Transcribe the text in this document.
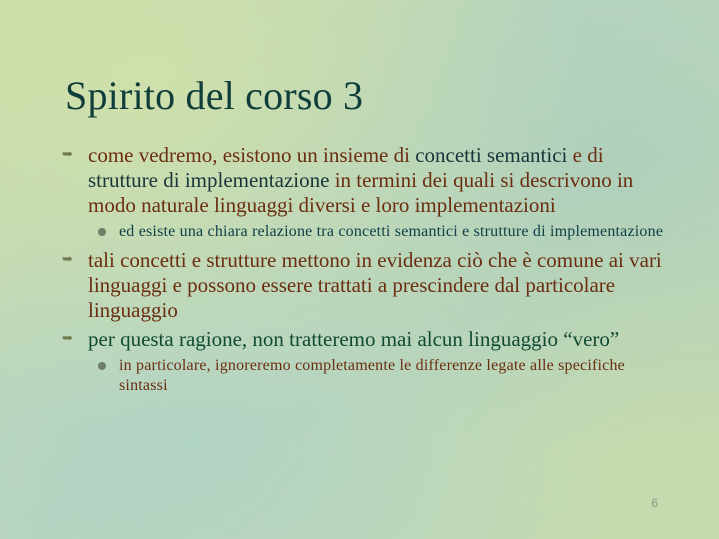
Spirito del corso 3
➥ come vedremo, esistono un insieme di concetti semantici e di strutture di implementazione in termini dei quali si descrivono in modo naturale linguaggi diversi e loro implementazioni
ed esiste una chiara relazione tra concetti semantici e strutture di implementazione
➥ tali concetti e strutture mettono in evidenza ciò che è comune ai vari linguaggi e possono essere trattati a prescindere dal particolare linguaggio
➥ per questa ragione, non tratteremo mai alcun linguaggio “vero”
in particolare, ignoreremo completamente le differenze legate alle specifiche sintassi
6
